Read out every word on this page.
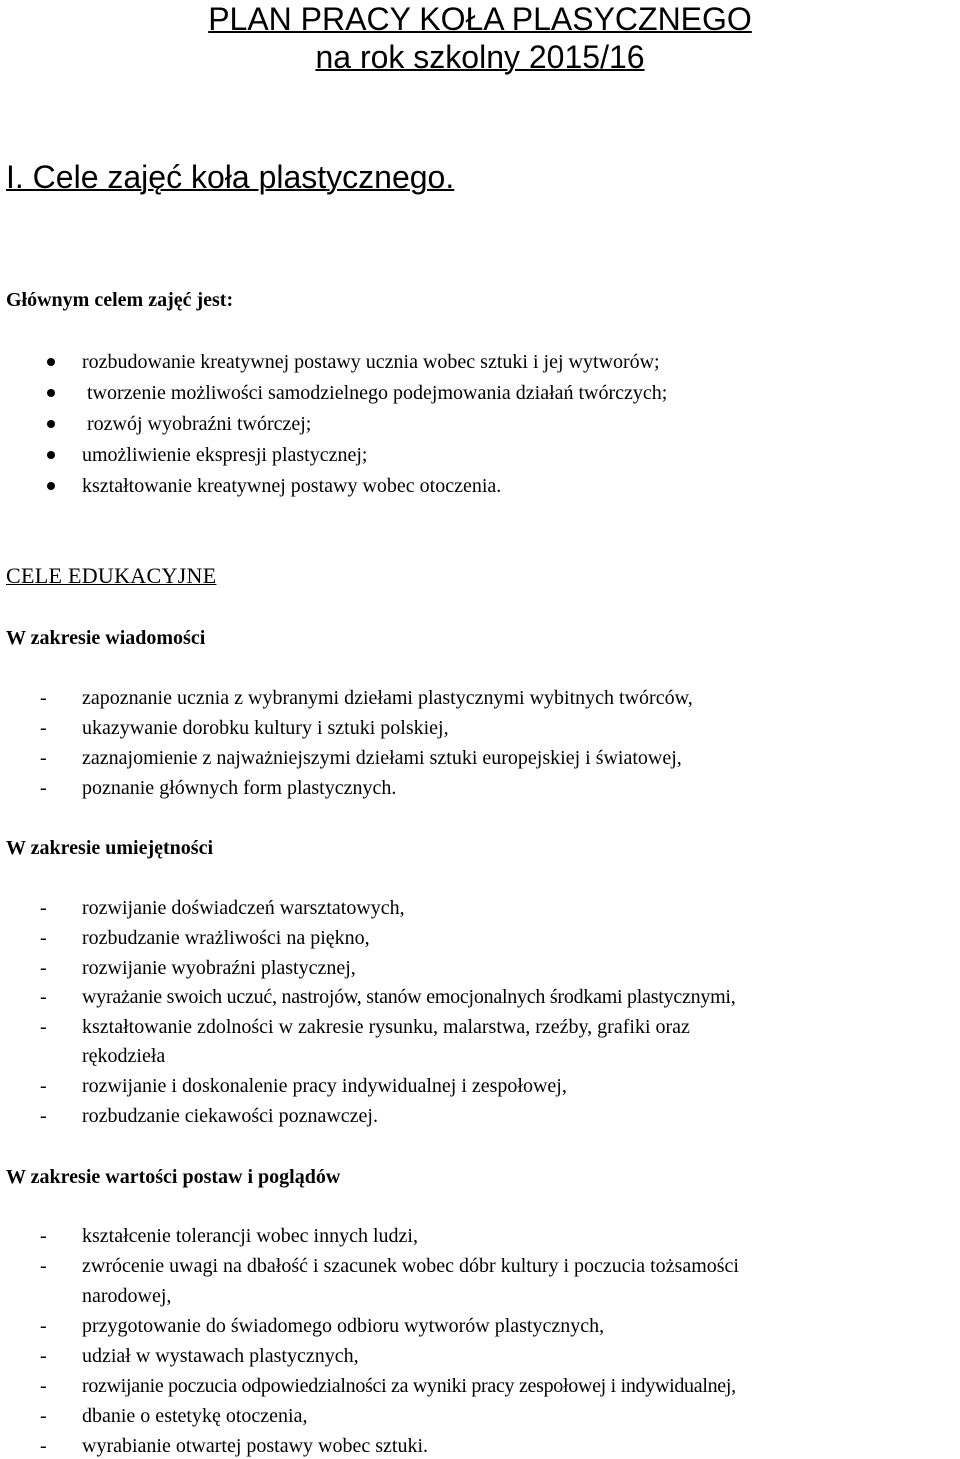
PLAN PRACY KOŁA PLASYCZNEGO
na rok szkolny 2015/16
I. Cele zajęć koła plastycznego.
Głównym celem zajęć jest:
rozbudowanie kreatywnej postawy ucznia wobec sztuki i jej wytworów;
tworzenie możliwości samodzielnego podejmowania działań twórczych;
rozwój wyobraźni twórczej;
umożliwienie ekspresji plastycznej;
kształtowanie kreatywnej postawy wobec otoczenia.
CELE EDUKACYJNE
W zakresie wiadomości
- zapoznanie ucznia z wybranymi dziełami plastycznymi wybitnych twórców,
- ukazywanie dorobku kultury i sztuki polskiej,
- zaznajomienie z najważniejszymi dziełami sztuki europejskiej i światowej,
- poznanie głównych form plastycznych.
W zakresie umiejętności
- rozwijanie doświadczeń warsztatowych,
- rozbudzanie wrażliwości na piękno,
- rozwijanie wyobraźni plastycznej,
- wyrażanie swoich uczuć, nastrojów, stanów emocjonalnych środkami plastycznymi,
- kształtowanie zdolności w zakresie rysunku, malarstwa, rzeźby, grafiki oraz
rękodzieła
- rozwijanie i doskonalenie pracy indywidualnej i zespołowej,
- rozbudzanie ciekawości poznawczej.
W zakresie wartości postaw i poglądów
- kształcenie tolerancji wobec innych ludzi,
- zwrócenie uwagi na dbałość i szacunek wobec dóbr kultury i poczucia tożsamości
narodowej,
- przygotowanie do świadomego odbioru wytworów plastycznych,
- udział w wystawach plastycznych,
- rozwijanie poczucia odpowiedzialności za wyniki pracy zespołowej i indywidualnej,
- dbanie o estetykę otoczenia,
- wyrabianie otwartej postawy wobec sztuki.
